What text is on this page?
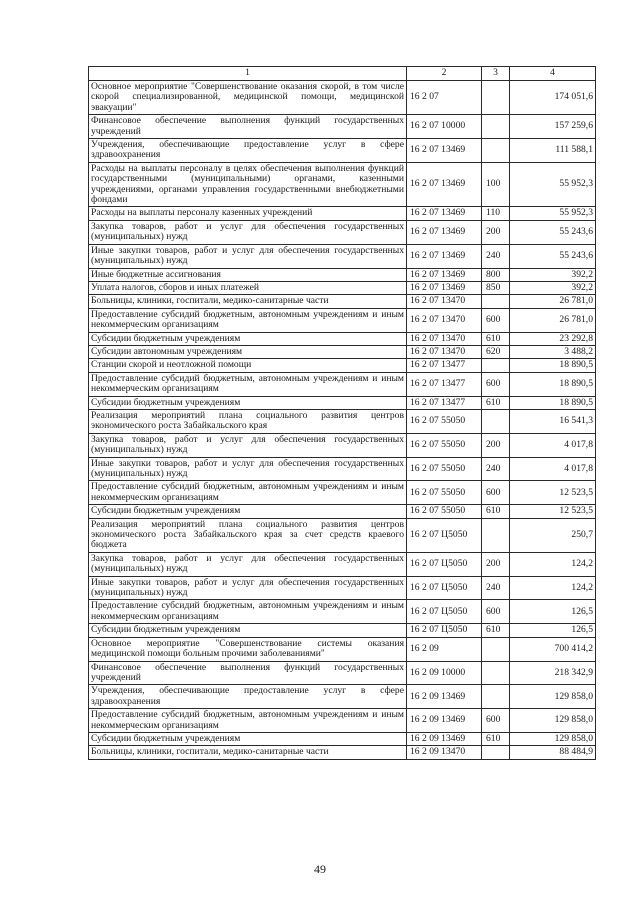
1	2	3	4
Основное мероприятие "Совершенствование оказания скорой, в том числе скорой специализированной, медицинской помощи, медицинской эвакуации"	16 2 07		174 051,6
Финансовое обеспечение выполнения функций государственных учреждений	16 2 07 10000		157 259,6
Учреждения, обеспечивающие предоставление услуг в сфере здравоохранения	16 2 07 13469		111 588,1
Расходы на выплаты персоналу в целях обеспечения выполнения функций государственными (муниципальными) органами, казенными учреждениями, органами управления государственными внебюджетными фондами	16 2 07 13469	100	55 952,3
Расходы на выплаты персоналу казенных учреждений	16 2 07 13469	110	55 952,3
Закупка товаров, работ и услуг для обеспечения государственных (муниципальных) нужд	16 2 07 13469	200	55 243,6
Иные закупки товаров, работ и услуг для обеспечения государственных (муниципальных) нужд	16 2 07 13469	240	55 243,6
Иные бюджетные ассигнования	16 2 07 13469	800	392,2
Уплата налогов, сборов и иных платежей	16 2 07 13469	850	392,2
Больницы, клиники, госпитали, медико-санитарные части	16 2 07 13470		26 781,0
Предоставление субсидий бюджетным, автономным учреждениям и иным некоммерческим организациям	16 2 07 13470	600	26 781,0
Субсидии бюджетным учреждениям	16 2 07 13470	610	23 292,8
Субсидии автономным учреждениям	16 2 07 13470	620	3 488,2
Станции скорой и неотложной помощи	16 2 07 13477		18 890,5
Предоставление субсидий бюджетным, автономным учреждениям и иным некоммерческим организациям	16 2 07 13477	600	18 890,5
Субсидии бюджетным учреждениям	16 2 07 13477	610	18 890,5
Реализация мероприятий плана социального развития центров экономического роста Забайкальского края	16 2 07 55050		16 541,3
Закупка товаров, работ и услуг для обеспечения государственных (муниципальных) нужд	16 2 07 55050	200	4 017,8
Иные закупки товаров, работ и услуг для обеспечения государственных (муниципальных) нужд	16 2 07 55050	240	4 017,8
Предоставление субсидий бюджетным, автономным учреждениям и иным некоммерческим организациям	16 2 07 55050	600	12 523,5
Субсидии бюджетным учреждениям	16 2 07 55050	610	12 523,5
Реализация мероприятий плана социального развития центров экономического роста Забайкальского края за счет средств краевого бюджета	16 2 07 Ц5050		250,7
Закупка товаров, работ и услуг для обеспечения государственных (муниципальных) нужд	16 2 07 Ц5050	200	124,2
Иные закупки товаров, работ и услуг для обеспечения государственных (муниципальных) нужд	16 2 07 Ц5050	240	124,2
Предоставление субсидий бюджетным, автономным учреждениям и иным некоммерческим организациям	16 2 07 Ц5050	600	126,5
Субсидии бюджетным учреждениям	16 2 07 Ц5050	610	126,5
Основное мероприятие "Совершенствование системы оказания медицинской помощи больным прочими заболеваниями"	16 2 09		700 414,2
Финансовое обеспечение выполнения функций государственных учреждений	16 2 09 10000		218 342,9
Учреждения, обеспечивающие предоставление услуг в сфере здравоохранения	16 2 09 13469		129 858,0
Предоставление субсидий бюджетным, автономным учреждениям и иным некоммерческим организациям	16 2 09 13469	600	129 858,0
Субсидии бюджетным учреждениям	16 2 09 13469	610	129 858,0
Больницы, клиники, госпитали, медико-санитарные части	16 2 09 13470		88 484,9
49
